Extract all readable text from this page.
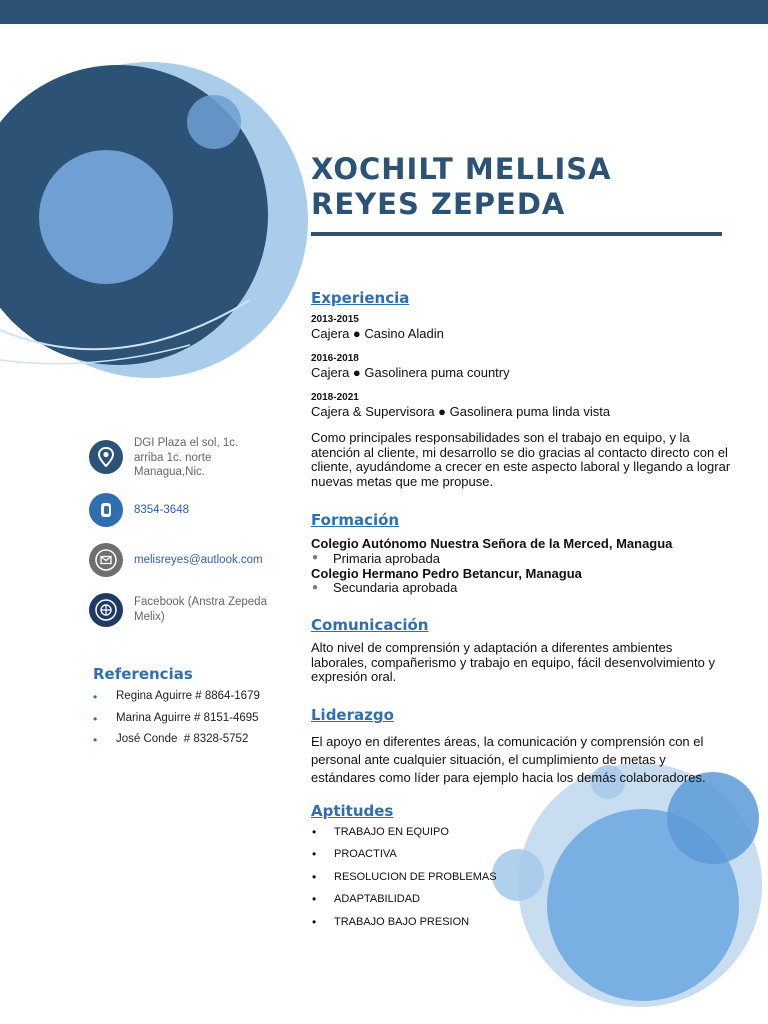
XOCHILT MELLISA
REYES ZEPEDA
Experiencia
2013-2015
Cajera ● Casino Aladin
2016-2018
Cajera ● Gasolinera puma country
2018-2021
Cajera & Supervisora ● Gasolinera puma linda vista
Como principales responsabilidades son el trabajo en equipo, y la atención al cliente, mi desarrollo se dio gracias al contacto directo con el cliente, ayudándome a crecer en este aspecto laboral y llegando a lograr nuevas metas que me propuse.
Formación
Colegio Autónomo Nuestra Señora de la Merced, Managua
● Primaria aprobada
Colegio Hermano Pedro Betancur, Managua
● Secundaria aprobada
Comunicación
Alto nivel de comprensión y adaptación a diferentes ambientes laborales, compañerismo y trabajo en equipo, fácil desenvolvimiento y expresión oral.
Liderazgo
El apoyo en diferentes áreas, la comunicación y comprensión con el personal ante cualquier situación, el cumplimiento de metas y estándares como líder para ejemplo hacia los demás colaboradores.
Aptitudes
• TRABAJO EN EQUIPO
• PROACTIVA
• RESOLUCION DE PROBLEMAS
• ADAPTABILIDAD
• TRABAJO BAJO PRESION
DGI Plaza el sol, 1c.
arriba 1c. norte
Managua,Nic.
8354-3648
melisreyes@autlook.com
Facebook (Anstra Zepeda Melix)
Referencias
• Regina Aguirre # 8864-1679
• Marina Aguirre # 8151-4695
• José Conde  # 8328-5752
